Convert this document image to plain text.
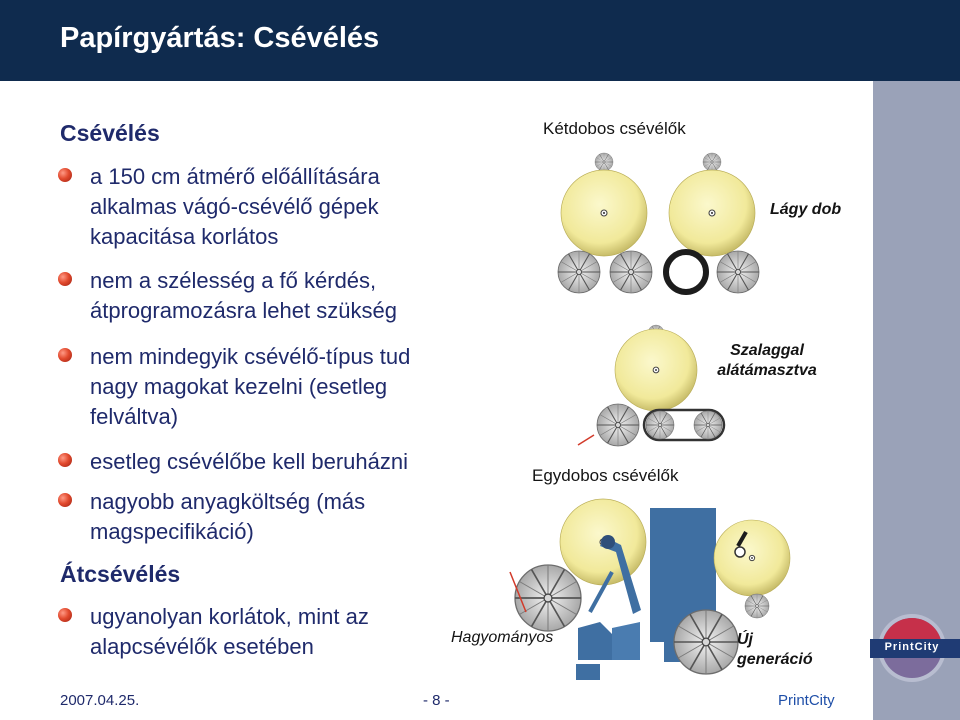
Papírgyártás: Csévélés
Csévélés
a 150 cm átmérő előállítására
alkalmas vágó-csévélő gépek
kapacitása korlátos
nem a szélesség a fő kérdés,
átprogramozásra lehet szükség
nem mindegyik csévélő-típus tud
nagy magokat kezelni (esetleg
felváltva)
esetleg csévélőbe kell beruházni
nagyobb anyagköltség (más
magspecifikáció)
Átcsévélés
ugyanolyan korlátok, mint az
alapcsévélők esetében
Kétdobos csévélők
Lágy dob
Szalaggal
alátámasztva
Egydobos csévélők
Hagyományos	Új
generáció
PrintCity
2007.04.25.	- 8 -	PrintCity
